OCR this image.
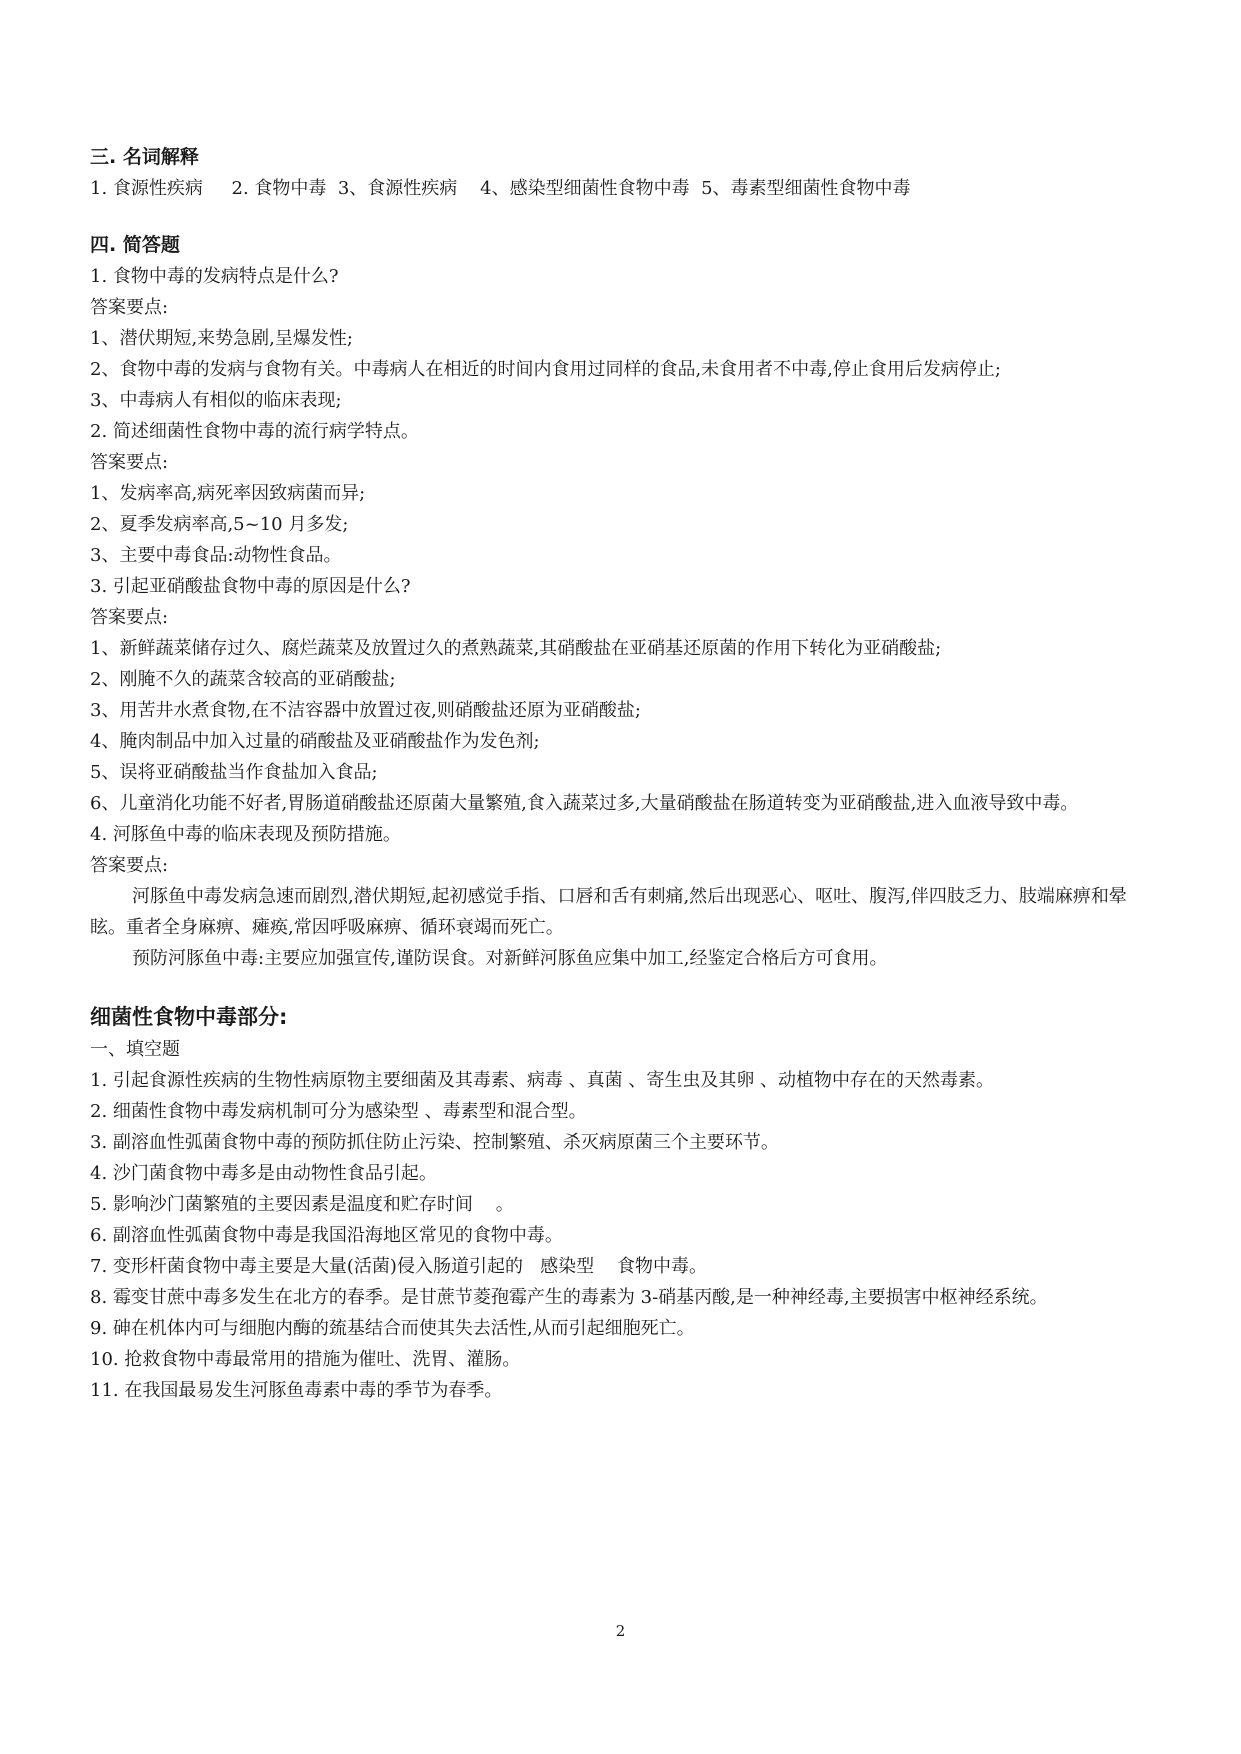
三. 名词解释
1. 食源性疾病     2. 食物中毒  3、食源性疾病    4、感染型细菌性食物中毒  5、毒素型细菌性食物中毒
四. 简答题
1. 食物中毒的发病特点是什么?
答案要点:
1、潜伏期短,来势急剧,呈爆发性;
2、食物中毒的发病与食物有关。中毒病人在相近的时间内食用过同样的食品,未食用者不中毒,停止食用后发病停止;
3、中毒病人有相似的临床表现;
2. 简述细菌性食物中毒的流行病学特点。
答案要点:
1、发病率高,病死率因致病菌而异;
2、夏季发病率高,5~10 月多发;
3、主要中毒食品:动物性食品。
3. 引起亚硝酸盐食物中毒的原因是什么?
答案要点:
1、新鲜蔬菜储存过久、腐烂蔬菜及放置过久的煮熟蔬菜,其硝酸盐在亚硝基还原菌的作用下转化为亚硝酸盐;
2、刚腌不久的蔬菜含较高的亚硝酸盐;
3、用苦井水煮食物,在不洁容器中放置过夜,则硝酸盐还原为亚硝酸盐;
4、腌肉制品中加入过量的硝酸盐及亚硝酸盐作为发色剂;
5、误将亚硝酸盐当作食盐加入食品;
6、儿童消化功能不好者,胃肠道硝酸盐还原菌大量繁殖,食入蔬菜过多,大量硝酸盐在肠道转变为亚硝酸盐,进入血液导致中毒。
4. 河豚鱼中毒的临床表现及预防措施。
答案要点:
河豚鱼中毒发病急速而剧烈,潜伏期短,起初感觉手指、口唇和舌有刺痛,然后出现恶心、呕吐、腹泻,伴四肢乏力、肢端麻痹和晕眩。重者全身麻痹、瘫痪,常因呼吸麻痹、循环衰竭而死亡。
预防河豚鱼中毒:主要应加强宣传,谨防误食。对新鲜河豚鱼应集中加工,经鉴定合格后方可食用。
细菌性食物中毒部分:
一、填空题
1. 引起食源性疾病的生物性病原物主要细菌及其毒素、病毒 、真菌 、寄生虫及其卵 、动植物中存在的天然毒素。
2. 细菌性食物中毒发病机制可分为感染型 、毒素型和混合型。
3. 副溶血性弧菌食物中毒的预防抓住防止污染、控制繁殖、杀灭病原菌三个主要环节。
4. 沙门菌食物中毒多是由动物性食品引起。
5. 影响沙门菌繁殖的主要因素是温度和贮存时间    。
6. 副溶血性弧菌食物中毒是我国沿海地区常见的食物中毒。
7. 变形杆菌食物中毒主要是大量(活菌)侵入肠道引起的   感染型    食物中毒。
8. 霉变甘蔗中毒多发生在北方的春季。是甘蔗节菱孢霉产生的毒素为 3-硝基丙酸,是一种神经毒,主要损害中枢神经系统。
9. 砷在机体内可与细胞内酶的巯基结合而使其失去活性,从而引起细胞死亡。
10. 抢救食物中毒最常用的措施为催吐、洗胃、灌肠。
11. 在我国最易发生河豚鱼毒素中毒的季节为春季。
2
